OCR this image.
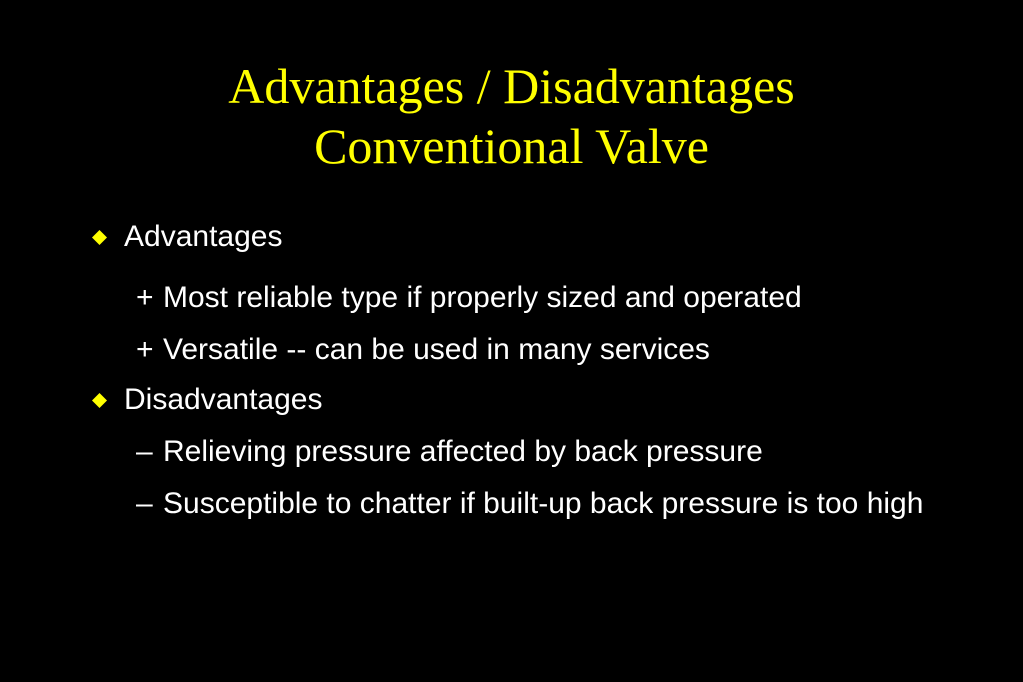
Advantages / Disadvantages
Conventional Valve
Advantages
+ Most reliable type if properly sized and operated
+ Versatile -- can be used in many services
Disadvantages
– Relieving pressure affected by back pressure
– Susceptible to chatter if built-up back pressure is too high
